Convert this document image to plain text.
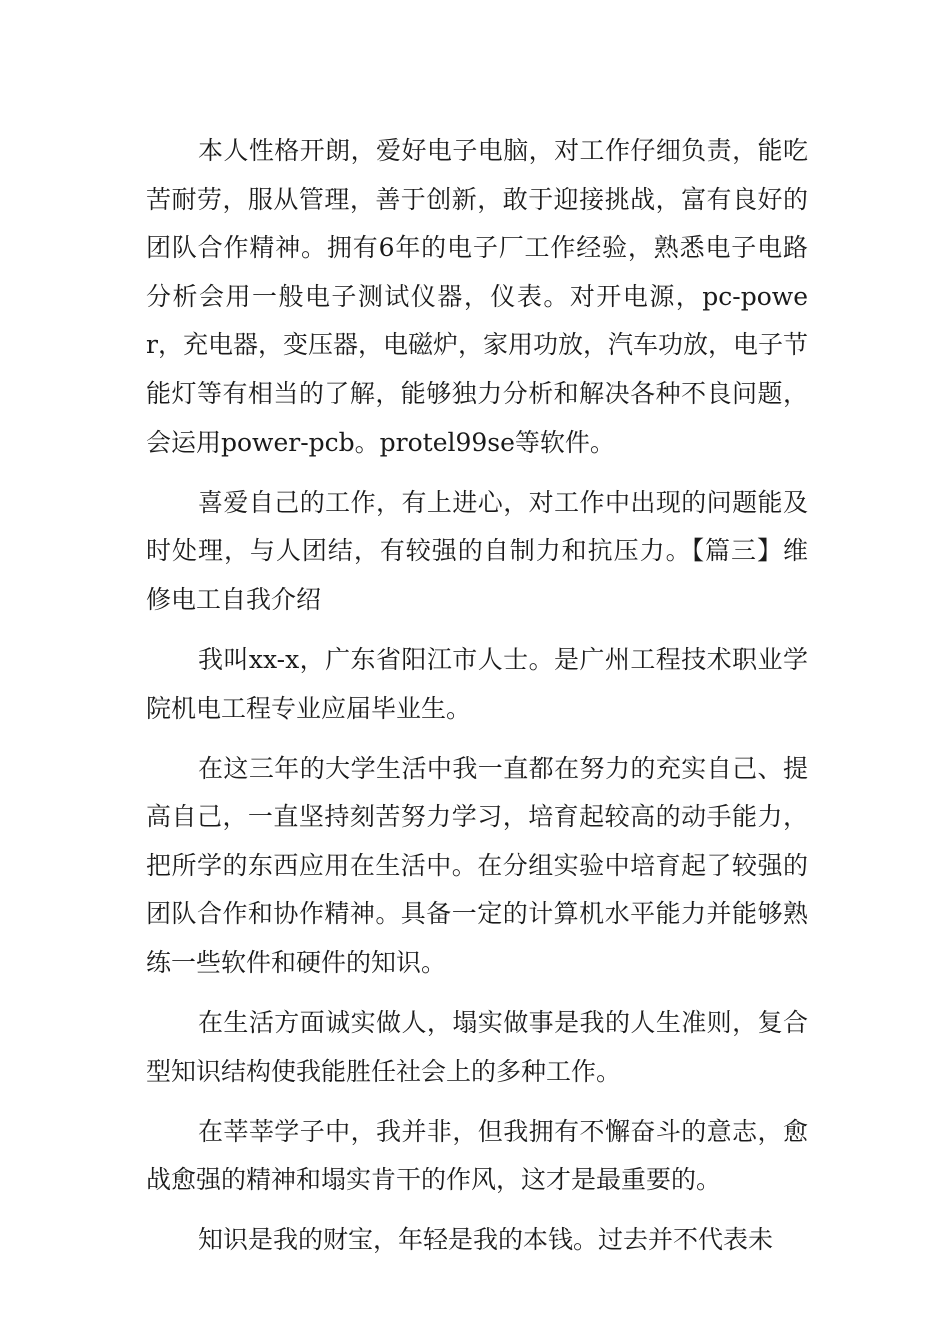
本人性格开朗，爱好电子电脑，对工作仔细负责，能吃苦耐劳，服从管理，善于创新，敢于迎接挑战，富有良好的团队合作精神。拥有6年的电子厂工作经验，熟悉电子电路分析会用一般电子测试仪器，仪表。对开电源，pc-power，充电器，变压器，电磁炉，家用功放，汽车功放，电子节能灯等有相当的了解，能够独力分析和解决各种不良问题，会运用power-pcb。protel99se等软件。

喜爱自己的工作，有上进心，对工作中出现的问题能及时处理，与人团结，有较强的自制力和抗压力。【篇三】维修电工自我介绍

我叫xx-x，广东省阳江市人士。是广州工程技术职业学院机电工程专业应届毕业生。

在这三年的大学生活中我一直都在努力的充实自己、提高自己，一直坚持刻苦努力学习，培育起较高的动手能力，把所学的东西应用在生活中。在分组实验中培育起了较强的团队合作和协作精神。具备一定的计算机水平能力并能够熟练一些软件和硬件的知识。

在生活方面诚实做人，塌实做事是我的人生准则，复合型知识结构使我能胜任社会上的多种工作。

在莘莘学子中，我并非，但我拥有不懈奋斗的意志，愈战愈强的精神和塌实肯干的作风，这才是最重要的。

知识是我的财宝，年轻是我的本钱。过去并不代表未
